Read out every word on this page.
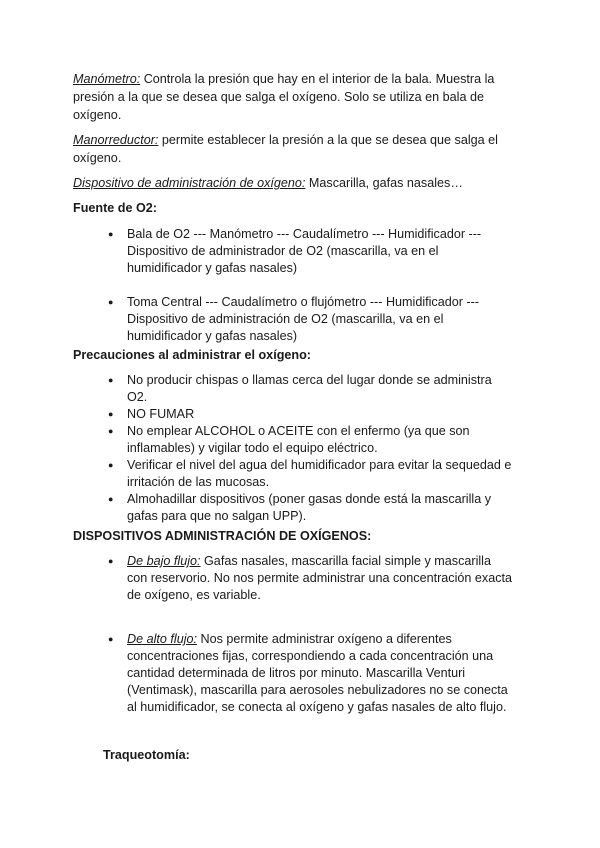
Manómetro: Controla la presión que hay en el interior de la bala. Muestra la presión a la que se desea que salga el oxígeno. Solo se utiliza en bala de oxígeno.

Manorreductor: permite establecer la presión a la que se desea que salga el oxígeno.

Dispositivo de administración de oxígeno: Mascarilla, gafas nasales…

Fuente de O2:

● Bala de O2 --- Manómetro --- Caudalímetro --- Humidificador --- Dispositivo de administrador de O2 (mascarilla, va en el humidificador y gafas nasales)
● Toma Central --- Caudalímetro o flujómetro --- Humidificador --- Dispositivo de administración de O2 (mascarilla, va en el humidificador y gafas nasales)

Precauciones al administrar el oxígeno:

● No producir chispas o llamas cerca del lugar donde se administra O2.
● NO FUMAR
● No emplear ALCOHOL o ACEITE con el enfermo (ya que son inflamables) y vigilar todo el equipo eléctrico.
● Verificar el nivel del agua del humidificador para evitar la sequedad e irritación de las mucosas.
● Almohadillar dispositivos (poner gasas donde está la mascarilla y gafas para que no salgan UPP).

DISPOSITIVOS ADMINISTRACIÓN DE OXÍGENOS:

● De bajo flujo: Gafas nasales, mascarilla facial simple y mascarilla con reservorio. No nos permite administrar una concentración exacta de oxígeno, es variable.
● De alto flujo: Nos permite administrar oxígeno a diferentes concentraciones fijas, correspondiendo a cada concentración una cantidad determinada de litros por minuto. Mascarilla Venturi (Ventimask), mascarilla para aerosoles nebulizadores no se conecta al humidificador, se conecta al oxígeno y gafas nasales de alto flujo.

Traqueotomía:
